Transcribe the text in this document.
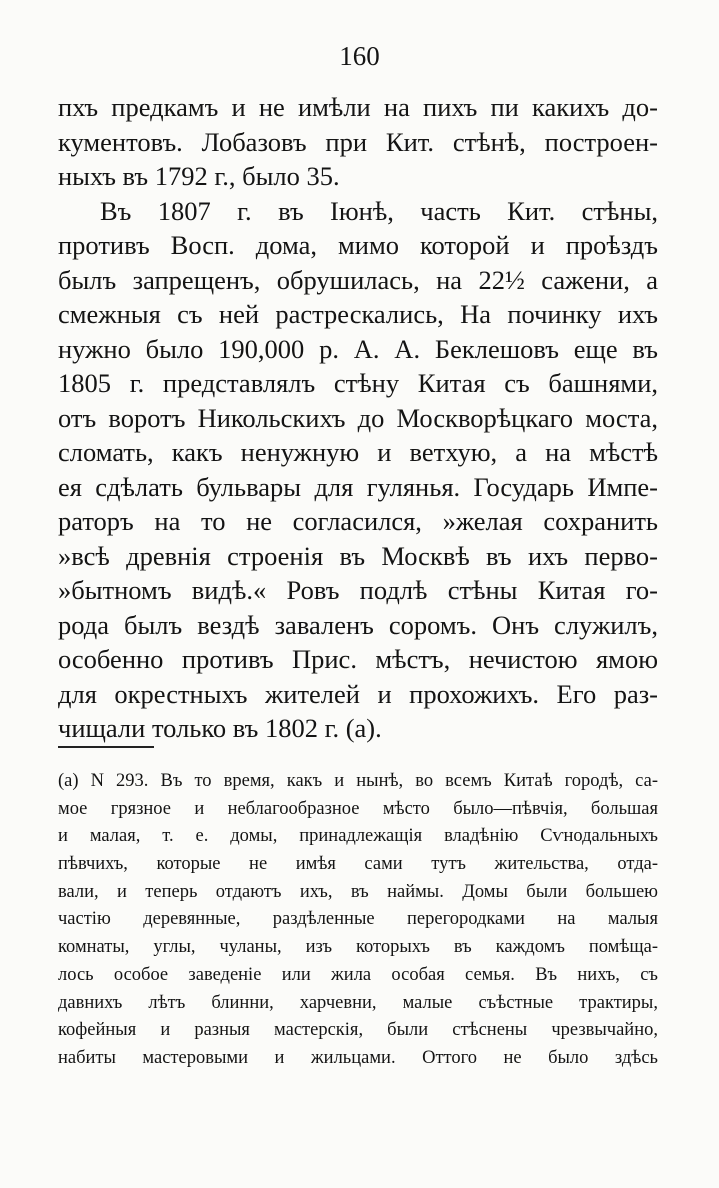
160
пхъ предкамъ и не имѣли на пихъ пи какихъ до-
кументовъ. Лобазовъ при Кит. стѣнѣ, построен-
ныхъ въ 1792 г., было 35.
Въ 1807 г. въ Іюнѣ, часть Кит. стѣны,
противъ Восп. дома, мимо которой и проѣздъ
былъ запрещенъ, обрушилась, на 22½ сажени, а
смежныя съ ней растрескались, На починку ихъ
нужно было 190,000 р. А. А. Беклешовъ еще въ
1805 г. представлялъ стѣну Китая съ башнями,
отъ воротъ Никольскихъ до Москворѣцкаго моста,
сломать, какъ ненужную и ветхую, а на мѣстѣ
ея сдѣлать бульвары для гулянья. Государь Импе-
раторъ на то не согласился, »желая сохранить
»всѣ древнія строенія въ Москвѣ въ ихъ перво-
»бытномъ видѣ.« Ровъ подлѣ стѣны Китая го-
рода былъ вездѣ заваленъ соромъ. Онъ служилъ,
особенно противъ Прис. мѣстъ, нечистою ямою
для окрестныхъ жителей и прохожихъ. Его раз-
чищали только въ 1802 г. (а).
(а) N 293. Въ то время, какъ и нынѣ, во всемъ Китаѣ городѣ, са-
мое грязное и неблагообразное мѣсто было—пѣвчія, большая
и малая, т. е. домы, принадлежащія владѣнію Сѵнодальныхъ
пѣвчихъ, которые не имѣя сами тутъ жительства, отда-
вали, и теперь отдаютъ ихъ, въ наймы. Домы были большею
частію деревянные, раздѣленные перегородками на малыя
комнаты, углы, чуланы, изъ которыхъ въ каждомъ помѣща-
лось особое заведеніе или жила особая семья. Въ нихъ, съ
давнихъ лѣтъ блинни, харчевни, малые съѣстные трактиры,
кофейныя и разныя мастерскія, были стѣснены чрезвычайно,
набиты мастеровыми и жильцами. Оттого не было здѣсь
